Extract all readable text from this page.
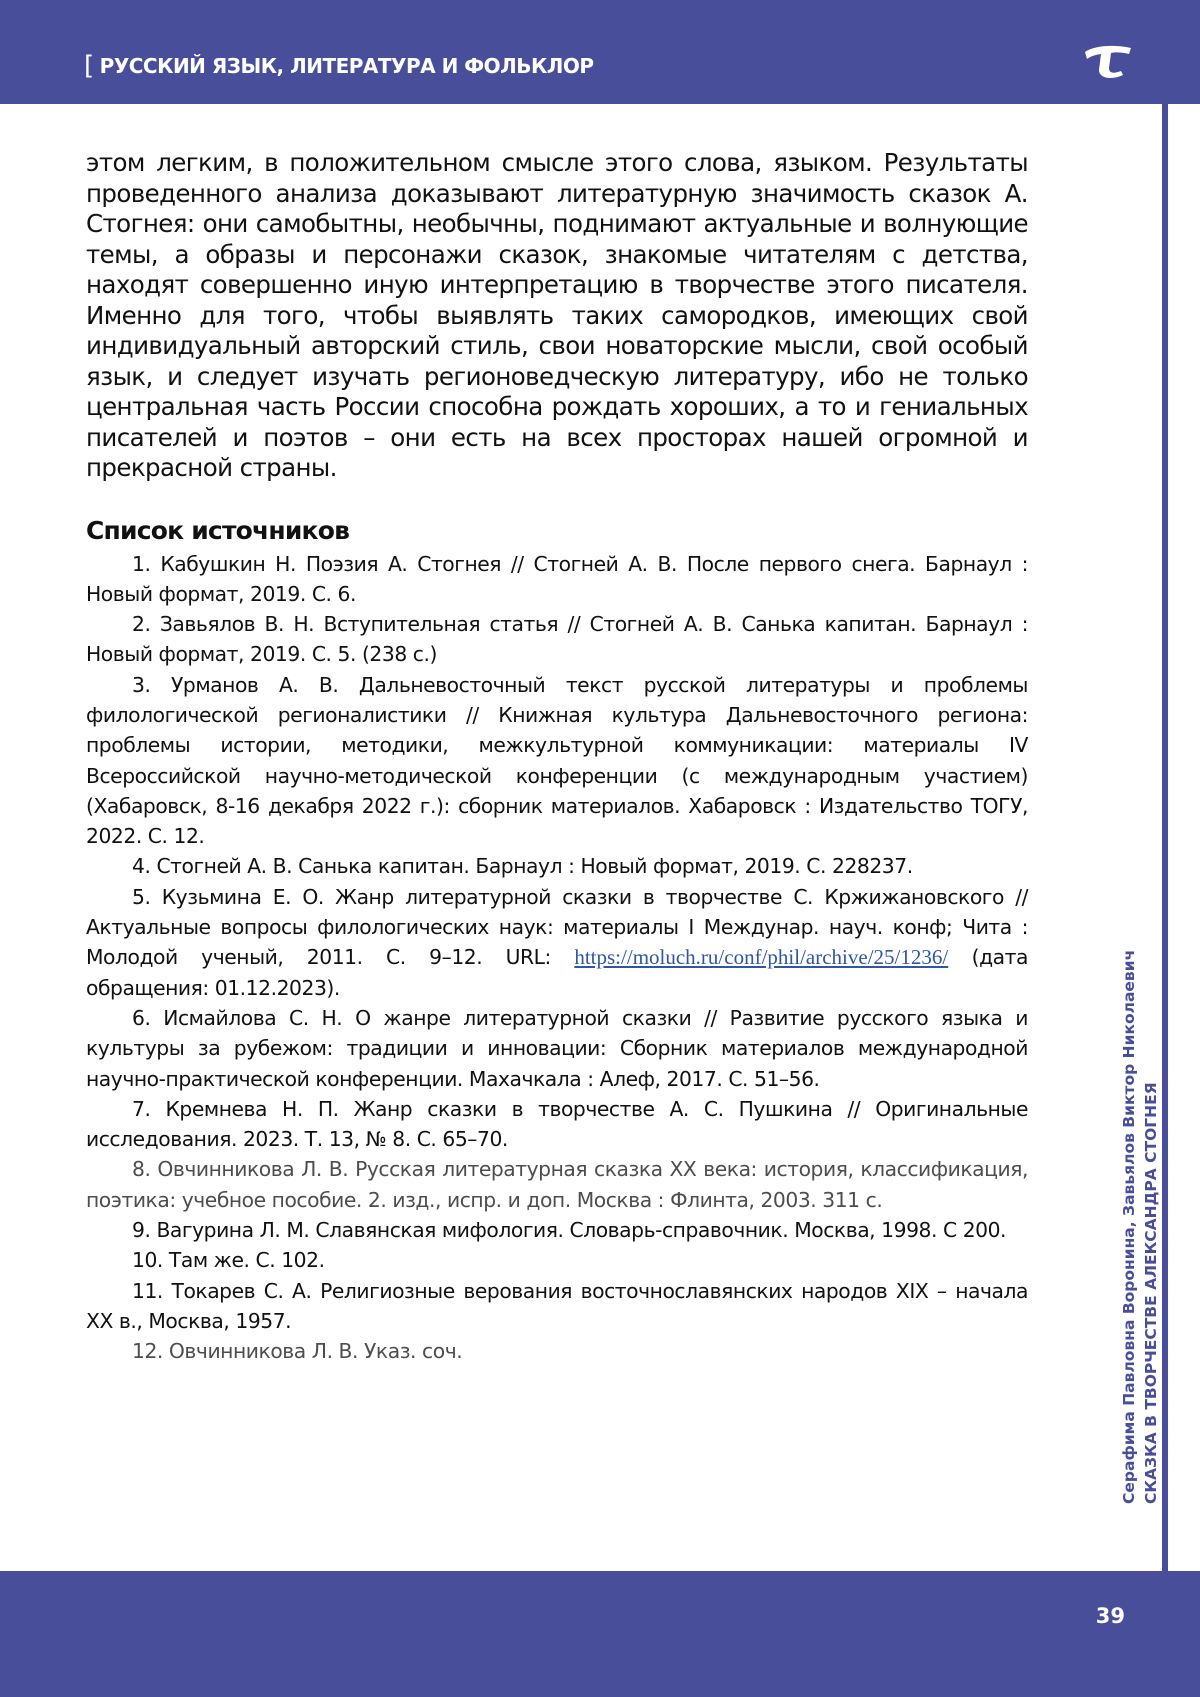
[ РУССКИЙ ЯЗЫК, ЛИТЕРАТУРА И ФОЛЬКЛОР

этом легким, в положительном смысле этого слова, языком. Результаты проведенного анализа доказывают литературную значимость сказок А. Стогнея: они самобытны, необычны, поднимают актуальные и волнующие темы, а образы и персонажи сказок, знакомые читателям с детства, находят совершенно иную интерпретацию в творчестве этого писателя. Именно для того, чтобы выявлять таких самородков, имеющих свой индивидуальный авторский стиль, свои новаторские мысли, свой особый язык, и следует изучать регионоведческую литературу, ибо не только центральная часть России способна рождать хороших, а то и гениальных писателей и поэтов – они есть на всех просторах нашей огромной и прекрасной страны.

Список источников
1. Кабушкин Н. Поэзия А. Стогнея // Стогней А. В. После первого снега. Барнаул : Новый формат, 2019. С. 6.
2. Завьялов В. Н. Вступительная статья // Стогней А. В. Санька капитан. Барнаул : Новый формат, 2019. С. 5. (238 с.)
3. Урманов А. В. Дальневосточный текст русской литературы и проблемы филологической регионалистики // Книжная культура Дальневосточного региона: проблемы истории, методики, межкультурной коммуникации: материалы IV Всероссийской научно-методической конференции (с международным участием) (Хабаровск, 8-16 декабря 2022 г.): сборник материалов. Хабаровск : Издательство ТОГУ, 2022. С. 12.
4. Стогней А. В. Санька капитан. Барнаул : Новый формат, 2019. С. 228237.
5. Кузьмина Е. О. Жанр литературной сказки в творчестве С. Кржижановского // Актуальные вопросы филологических наук: материалы I Междунар. науч. конф; Чита : Молодой ученый, 2011. С. 9–12. URL: https://moluch.ru/conf/phil/archive/25/1236/ (дата обращения: 01.12.2023).
6. Исмайлова С. Н. О жанре литературной сказки // Развитие русского языка и культуры за рубежом: традиции и инновации: Сборник материалов международной научно-практической конференции. Махачкала : Алеф, 2017. С. 51–56.
7. Кремнева Н. П. Жанр сказки в творчестве А. С. Пушкина // Оригинальные исследования. 2023. Т. 13, № 8. С. 65–70.
8. Овчинникова Л. В. Русская литературная сказка XX века: история, классификация, поэтика: учебное пособие. 2. изд., испр. и доп. Москва : Флинта, 2003. 311 с.
9. Вагурина Л. М. Славянская мифология. Словарь-справочник. Москва, 1998. С 200.
10. Там же. С. 102.
11. Токарев С. А. Религиозные верования восточнославянских народов XIX – начала XX в., Москва, 1957.
12. Овчинникова Л. В. Указ. соч.	Серафима Павловна Воронина, Завьялов Виктор Николаевич СКАЗКА В ТВОРЧЕСТВЕ АЛЕКСАНДРА СТОГНЕЯ
39
